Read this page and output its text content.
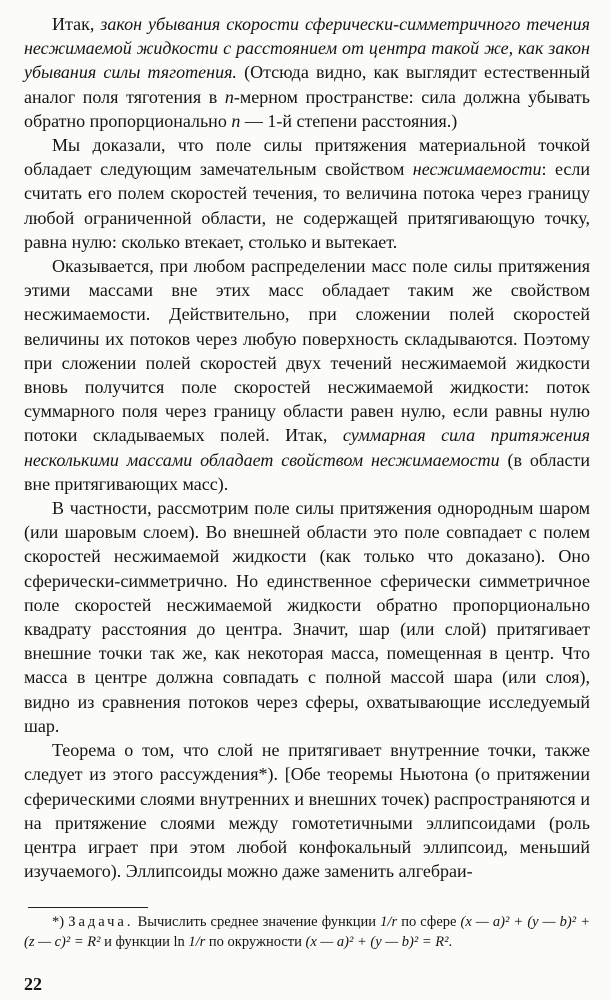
Итак, закон убывания скорости сферически-симметричного течения несжимаемой жидкости с расстоянием от центра такой же, как закон убывания силы тяготения. (Отсюда видно, как выглядит естественный аналог поля тяготения в n-мерном пространстве: сила должна убывать обратно пропорционально n — 1-й степени расстояния.)

Мы доказали, что поле силы притяжения материальной точкой обладает следующим замечательным свойством несжимаемости: если считать его полем скоростей течения, то величина потока через границу любой ограниченной области, не содержащей притягивающую точку, равна нулю: сколько втекает, столько и вытекает.

Оказывается, при любом распределении масс поле силы притяжения этими массами вне этих масс обладает таким же свойством несжимаемости. Действительно, при сложении полей скоростей величины их потоков через любую поверхность складываются. Поэтому при сложении полей скоростей двух течений несжимаемой жидкости вновь получится поле скоростей несжимаемой жидкости: поток суммарного поля через границу области равен нулю, если равны нулю потоки складываемых полей. Итак, суммарная сила притяжения несколькими массами обладает свойством несжимаемости (в области вне притягивающих масс).

В частности, рассмотрим поле силы притяжения однородным шаром (или шаровым слоем). Во внешней области это поле совпадает с полем скоростей несжимаемой жидкости (как только что доказано). Оно сферически-симметрично. Но единственное сферически симметричное поле скоростей несжимаемой жидкости обратно пропорционально квадрату расстояния до центра. Значит, шар (или слой) притягивает внешние точки так же, как некоторая масса, помещенная в центр. Что масса в центре должна совпадать с полной массой шара (или слоя), видно из сравнения потоков через сферы, охватывающие исследуемый шар.

Теорема о том, что слой не притягивает внутренние точки, также следует из этого рассуждения*). [Обе теоремы Ньютона (о притяжении сферическими слоями внутренних и внешних точек) распространяются и на притяжение слоями между гомотетичными эллипсоидами (роль центра играет при этом любой конфокальный эллипсоид, меньший изучаемого). Эллипсоиды можно даже заменить алгебраи-

*) Задача. Вычислить среднее значение функции 1/r по сфере (x — a)² + (y — b)² + (z — c)² = R² и функции ln 1/r по окружности (x — a)² + (y — b)² = R².

22
